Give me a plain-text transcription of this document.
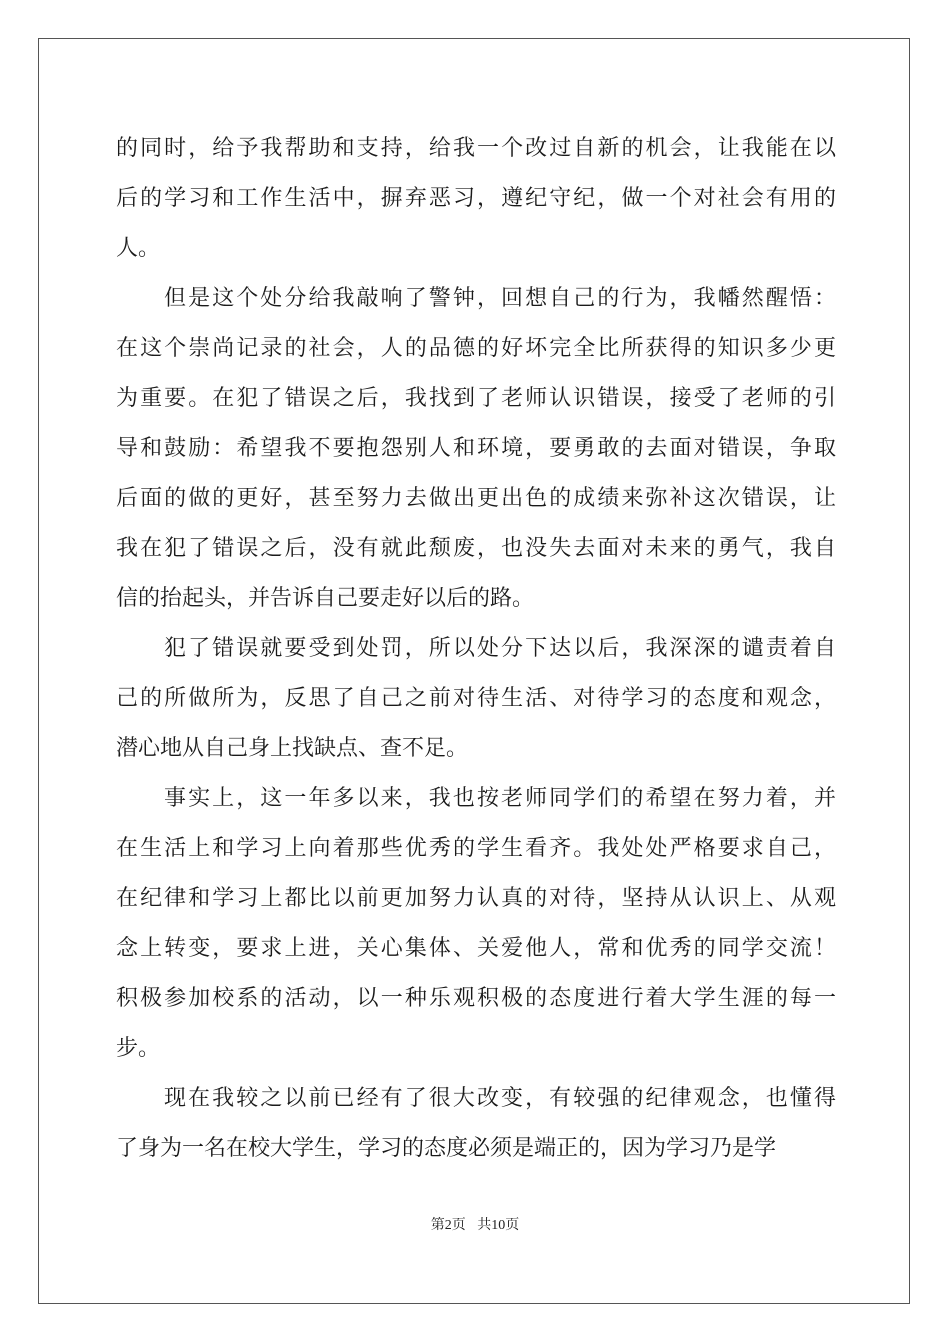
的同时，给予我帮助和支持，给我一个改过自新的机会，让我能在以
后的学习和工作生活中，摒弃恶习，遵纪守纪，做一个对社会有用的
人。
但是这个处分给我敲响了警钟，回想自己的行为，我幡然醒悟：
在这个崇尚记录的社会，人的品德的好坏完全比所获得的知识多少更
为重要。在犯了错误之后，我找到了老师认识错误，接受了老师的引
导和鼓励：希望我不要抱怨别人和环境，要勇敢的去面对错误，争取
后面的做的更好，甚至努力去做出更出色的成绩来弥补这次错误，让
我在犯了错误之后，没有就此颓废，也没失去面对未来的勇气，我自
信的抬起头，并告诉自己要走好以后的路。
犯了错误就要受到处罚，所以处分下达以后，我深深的谴责着自
己的所做所为，反思了自己之前对待生活、对待学习的态度和观念，
潜心地从自己身上找缺点、查不足。
事实上，这一年多以来，我也按老师同学们的希望在努力着，并
在生活上和学习上向着那些优秀的学生看齐。我处处严格要求自己，
在纪律和学习上都比以前更加努力认真的对待，坚持从认识上、从观
念上转变，要求上进，关心集体、关爱他人，常和优秀的同学交流！
积极参加校系的活动，以一种乐观积极的态度进行着大学生涯的每一
步。
现在我较之以前已经有了很大改变，有较强的纪律观念，也懂得
了身为一名在校大学生，学习的态度必须是端正的，因为学习乃是学
第2页 共10页
